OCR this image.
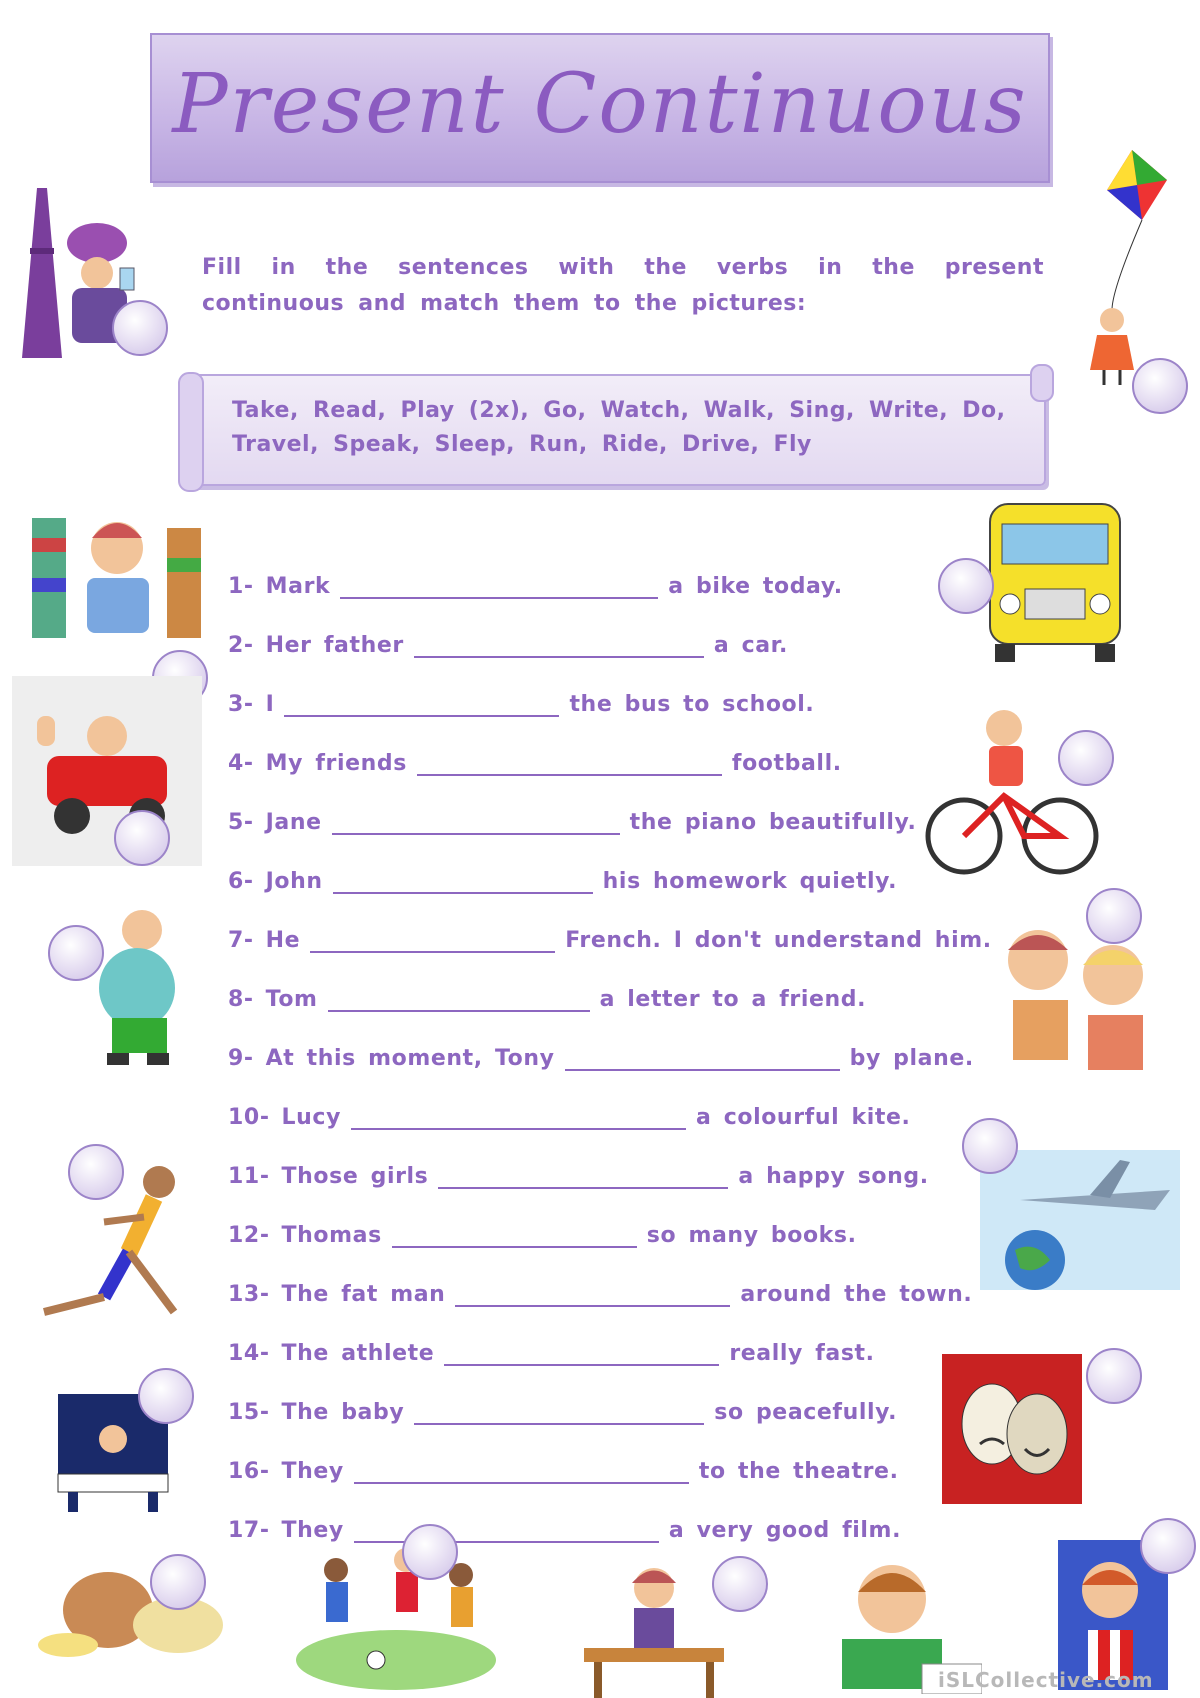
Present Continuous
Fill in the sentences with the verbs in the present continuous and match them to the pictures:
Take, Read, Play (2x), Go, Watch, Walk, Sing, Write, Do, Travel, Speak, Sleep, Run, Ride, Drive, Fly
1- Mark	a bike today.
2- Her father	a car.
3- I	the bus to school.
4- My friends	football.
5- Jane	the piano beautifully.
6- John	his homework quietly.
7- He	French. I don't understand him.
8- Tom	a letter to a friend.
9- At this moment, Tony	by plane.
10- Lucy	a colourful kite.
11- Those girls	a happy song.
12- Thomas	so many books.
13- The fat man	around the town.
14- The athlete	really fast.
15- The baby	so peacefully.
16- They	to the theatre.
17- They	a very good film.
iSLCollective.com
